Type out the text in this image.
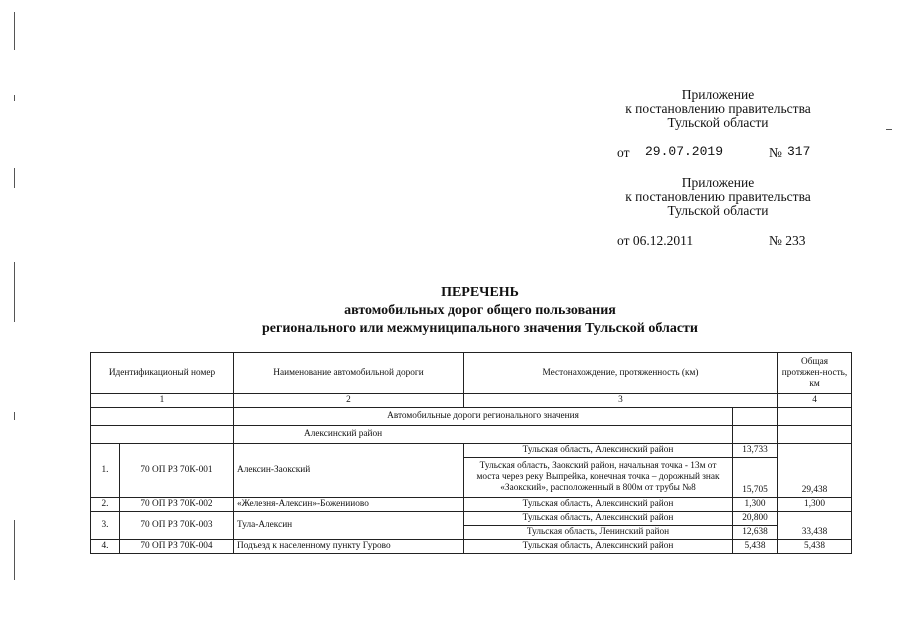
Приложение
к постановлению правительства
Тульской области
от 29.07.2019	№ 317
Приложение
к постановлению правительства
Тульской области
от 06.12.2011	№ 233
ПЕРЕЧЕНЬ
автомобильных дорог общего пользования
регионального или межмуниципального значения Тульской области
Идентификационый номер		Наименование автомобильной дороги	Местонахождение, протяженность (км)		Общая протяжен-ность, км
1		2	3		4
		Автомобильные дороги регионального значения			
		Алексинский район			
1.	70 ОП РЗ 70К-001	Алексин-Заокский	Тульская область, Алексинский район	13,733	29,438
			Тульская область, Заокский район, начальная точка - 13м от моста через реку Выпрейка, конечная точка – дорожный знак «Заокский», расположенный в 800м от трубы №8	15,705	
2.	70 ОП РЗ 70К-002	«Железня-Алексин»-Боженииово	Тульская область, Алексинский район	1,300	1,300
3.	70 ОП РЗ 70К-003	Тула-Алексин	Тульская область, Алексинский район	20,800	33,438
			Тульская область, Ленинский район	12,638	
4.	70 ОП РЗ 70К-004	Подъезд к населенному пункту Гурово	Тульская область, Алексинский район	5,438	5,438
